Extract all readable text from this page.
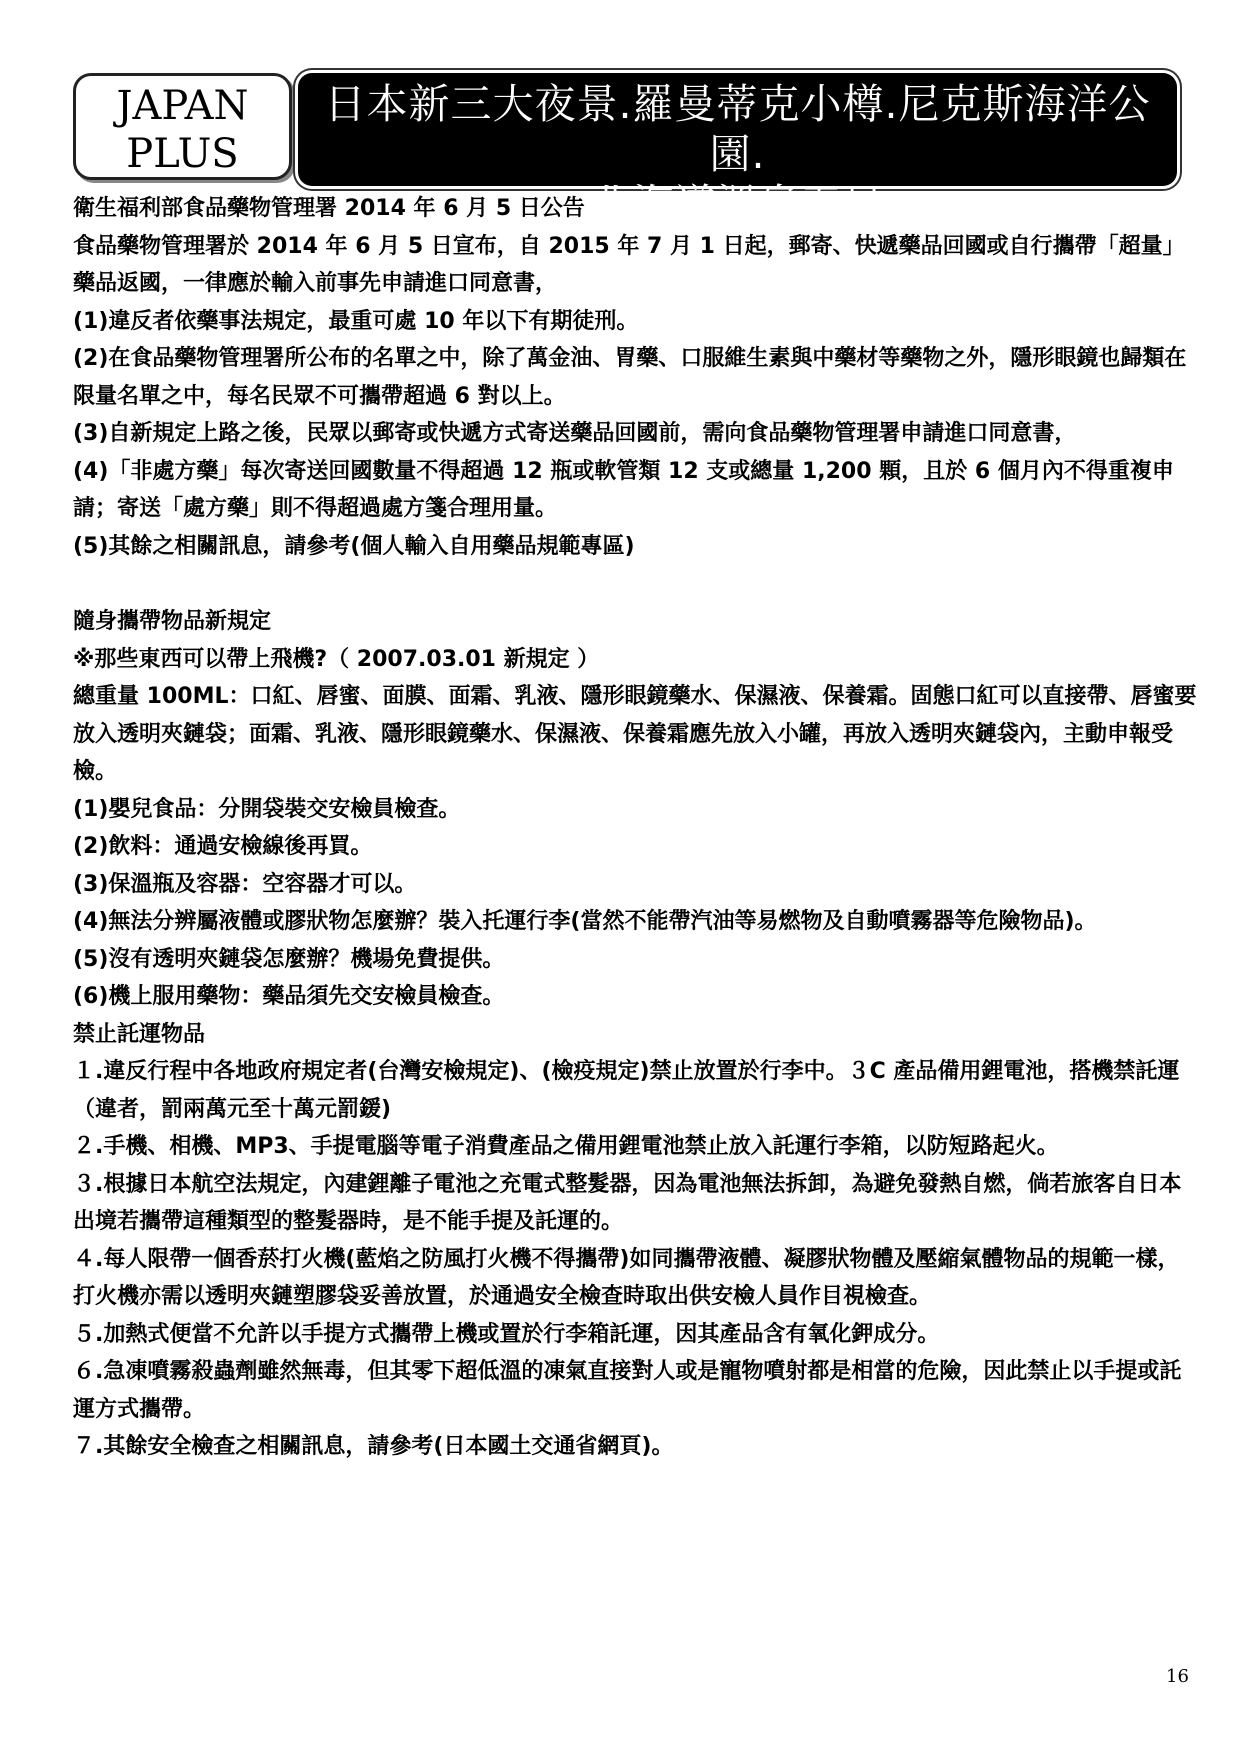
JAPAN
PLUS
日本新三大夜景.羅曼蒂克小樽.尼克斯海洋公園.
北海道溫泉五日

衛生福利部食品藥物管理署 2014 年 6 月 5 日公告

食品藥物管理署於 2014 年 6 月 5 日宣布，自 2015 年 7 月 1 日起，郵寄、快遞藥品回國或自行攜帶「超量」藥品返國，一律應於輸入前事先申請進口同意書，

(1)違反者依藥事法規定，最重可處 10 年以下有期徒刑。

(2)在食品藥物管理署所公布的名單之中，除了萬金油、胃藥、口服維生素與中藥材等藥物之外，隱形眼鏡也歸類在限量名單之中，每名民眾不可攜帶超過 6 對以上。

(3)自新規定上路之後，民眾以郵寄或快遞方式寄送藥品回國前，需向食品藥物管理署申請進口同意書，

(4)「非處方藥」每次寄送回國數量不得超過 12 瓶或軟管類 12 支或總量 1,200 顆，且於 6 個月內不得重複申請；寄送「處方藥」則不得超過處方箋合理用量。

(5)其餘之相關訊息，請參考(個人輸入自用藥品規範專區)

隨身攜帶物品新規定

※那些東西可以帶上飛機?（ 2007.03.01 新規定 ）

總重量 100ML：口紅、唇蜜、面膜、面霜、乳液、隱形眼鏡藥水、保濕液、保養霜。固態口紅可以直接帶、唇蜜要放入透明夾鏈袋；面霜、乳液、隱形眼鏡藥水、保濕液、保養霜應先放入小罐，再放入透明夾鏈袋內，主動申報受檢。

(1)嬰兒食品：分開袋裝交安檢員檢查。

(2)飲料：通過安檢線後再買。

(3)保溫瓶及容器：空容器才可以。

(4)無法分辨屬液體或膠狀物怎麼辦？裝入托運行李(當然不能帶汽油等易燃物及自動噴霧器等危險物品)。

(5)沒有透明夾鏈袋怎麼辦？機場免費提供。

(6)機上服用藥物：藥品須先交安檢員檢查。

禁止託運物品

１.違反行程中各地政府規定者(台灣安檢規定)、(檢疫規定)禁止放置於行李中。３C 產品備用鋰電池，搭機禁託運（違者，罰兩萬元至十萬元罰鍰)

２.手機、相機、MP3、手提電腦等電子消費產品之備用鋰電池禁止放入託運行李箱，以防短路起火。

３.根據日本航空法規定，內建鋰離子電池之充電式整髮器，因為電池無法拆卸，為避免發熱自燃，倘若旅客自日本出境若攜帶這種類型的整髮器時，是不能手提及託運的。

４.每人限帶一個香菸打火機(藍焰之防風打火機不得攜帶)如同攜帶液體、凝膠狀物體及壓縮氣體物品的規範一樣，打火機亦需以透明夾鏈塑膠袋妥善放置，於通過安全檢查時取出供安檢人員作目視檢查。

５.加熱式便當不允許以手提方式攜帶上機或置於行李箱託運，因其產品含有氧化鉀成分。

６.急凍噴霧殺蟲劑雖然無毒，但其零下超低溫的凍氣直接對人或是寵物噴射都是相當的危險，因此禁止以手提或託運方式攜帶。

７.其餘安全檢查之相關訊息，請參考(日本國土交通省網頁)。

16
